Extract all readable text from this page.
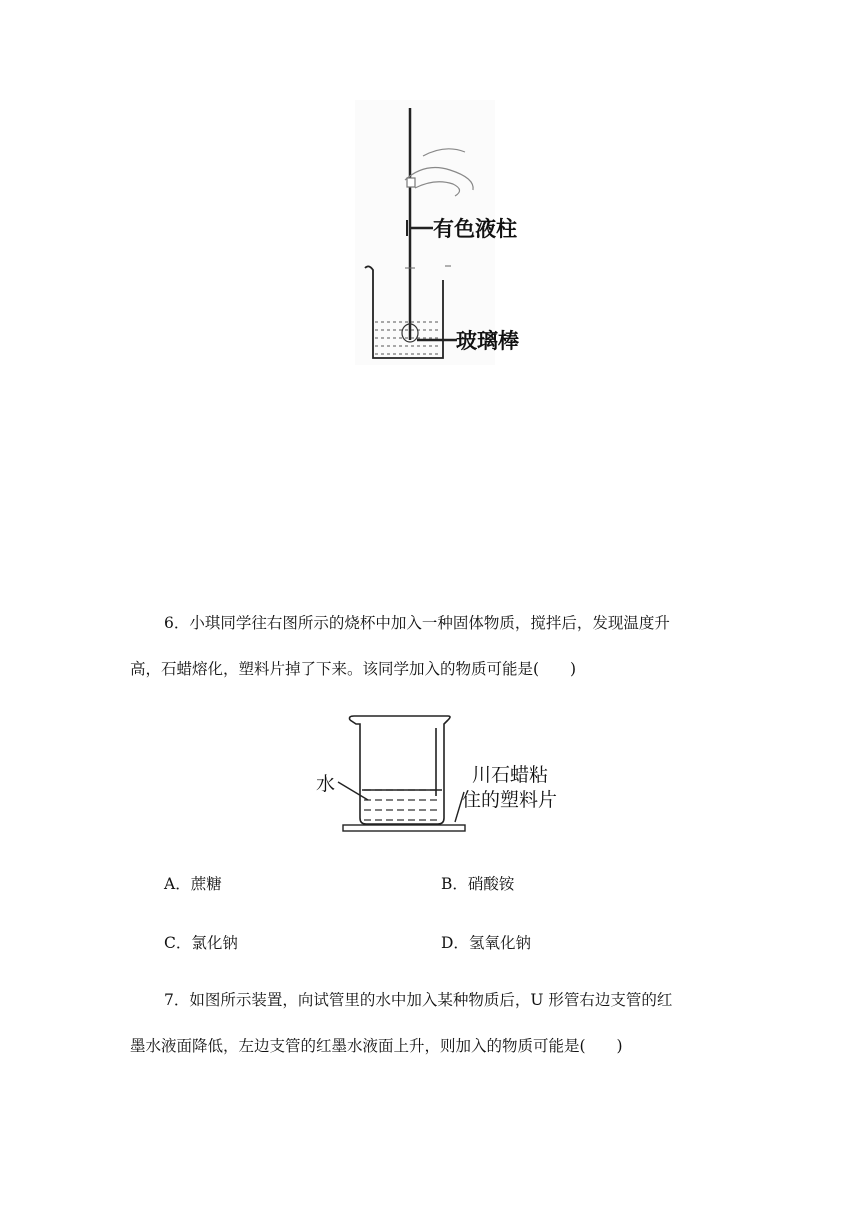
有色液柱
玻璃棒
6．小琪同学往右图所示的烧杯中加入一种固体物质，搅拌后，发现温度升
高，石蜡熔化，塑料片掉了下来。该同学加入的物质可能是(　　)
水	川石蜡粘
住的塑料片
A．蔗糖	B．硝酸铵
C．氯化钠	D．氢氧化钠
7．如图所示装置，向试管里的水中加入某种物质后，U 形管右边支管的红
墨水液面降低，左边支管的红墨水液面上升，则加入的物质可能是(　　)
